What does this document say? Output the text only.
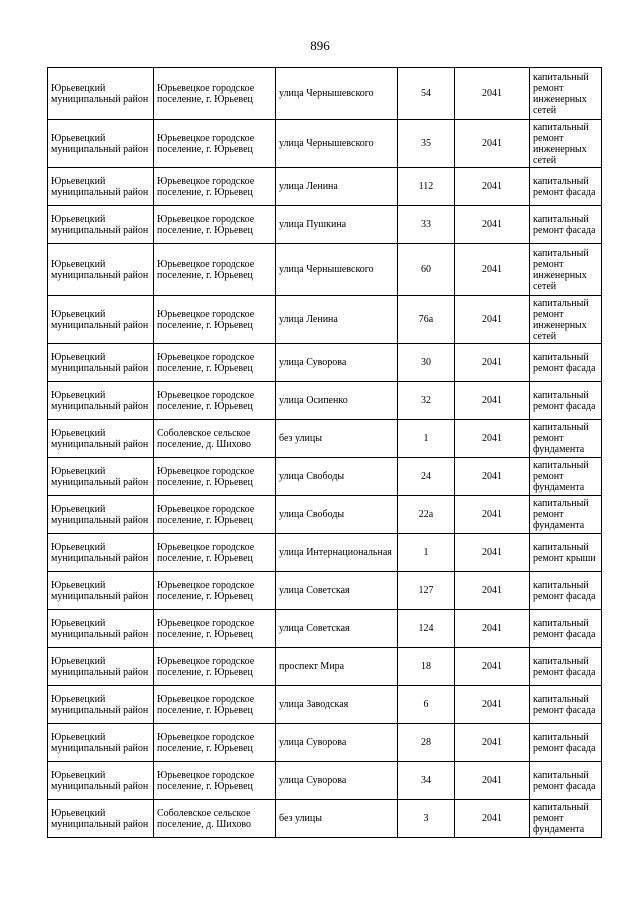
896
Юрьевецкий муниципальный район	Юрьевецкое городское поселение, г. Юрьевец	улица Чернышевского	54	2041	капитальный ремонт инженерных сетей
Юрьевецкий муниципальный район	Юрьевецкое городское поселение, г. Юрьевец	улица Чернышевского	35	2041	капитальный ремонт инженерных сетей
Юрьевецкий муниципальный район	Юрьевецкое городское поселение, г. Юрьевец	улица Ленина	112	2041	капитальный ремонт фасада
Юрьевецкий муниципальный район	Юрьевецкое городское поселение, г. Юрьевец	улица Пушкина	33	2041	капитальный ремонт фасада
Юрьевецкий муниципальный район	Юрьевецкое городское поселение, г. Юрьевец	улица Чернышевского	60	2041	капитальный ремонт инженерных сетей
Юрьевецкий муниципальный район	Юрьевецкое городское поселение, г. Юрьевец	улица Ленина	76а	2041	капитальный ремонт инженерных сетей
Юрьевецкий муниципальный район	Юрьевецкое городское поселение, г. Юрьевец	улица Суворова	30	2041	капитальный ремонт фасада
Юрьевецкий муниципальный район	Юрьевецкое городское поселение, г. Юрьевец	улица Осипенко	32	2041	капитальный ремонт фасада
Юрьевецкий муниципальный район	Соболевское сельское поселение, д. Шихово	без улицы	1	2041	капитальный ремонт фундамента
Юрьевецкий муниципальный район	Юрьевецкое городское поселение, г. Юрьевец	улица Свободы	24	2041	капитальный ремонт фундамента
Юрьевецкий муниципальный район	Юрьевецкое городское поселение, г. Юрьевец	улица Свободы	22а	2041	капитальный ремонт фундамента
Юрьевецкий муниципальный район	Юрьевецкое городское поселение, г. Юрьевец	улица Интернациональная	1	2041	капитальный ремонт крыши
Юрьевецкий муниципальный район	Юрьевецкое городское поселение, г. Юрьевец	улица Советская	127	2041	капитальный ремонт фасада
Юрьевецкий муниципальный район	Юрьевецкое городское поселение, г. Юрьевец	улица Советская	124	2041	капитальный ремонт фасада
Юрьевецкий муниципальный район	Юрьевецкое городское поселение, г. Юрьевец	проспект Мира	18	2041	капитальный ремонт фасада
Юрьевецкий муниципальный район	Юрьевецкое городское поселение, г. Юрьевец	улица Заводская	6	2041	капитальный ремонт фасада
Юрьевецкий муниципальный район	Юрьевецкое городское поселение, г. Юрьевец	улица Суворова	28	2041	капитальный ремонт фасада
Юрьевецкий муниципальный район	Юрьевецкое городское поселение, г. Юрьевец	улица Суворова	34	2041	капитальный ремонт фасада
Юрьевецкий муниципальный район	Соболевское сельское поселение, д. Шихово	без улицы	3	2041	капитальный ремонт фундамента
